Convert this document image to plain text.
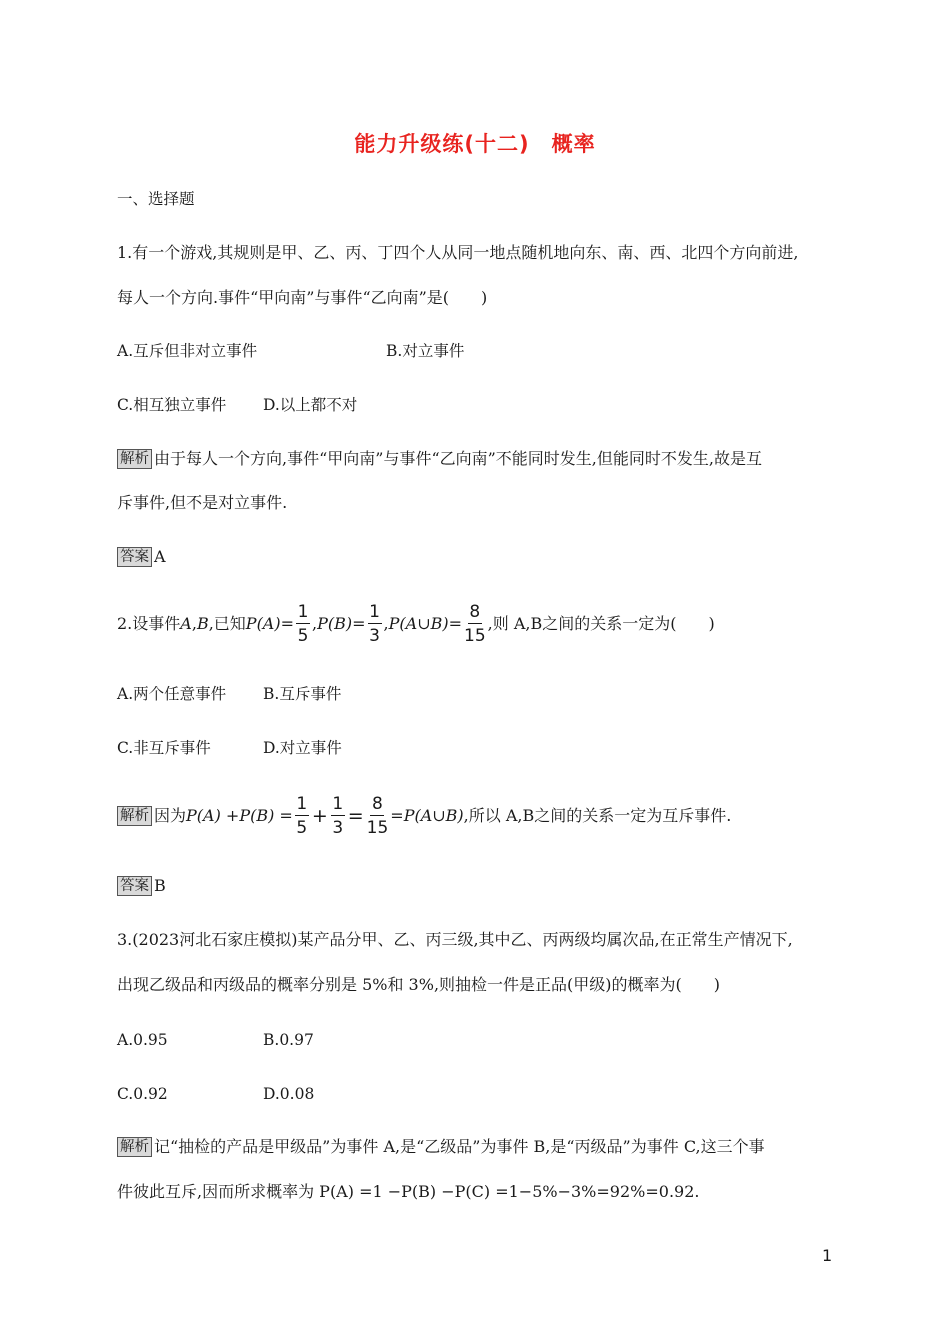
能力升级练(十二)　概率
一、选择题
1.有一个游戏,其规则是甲、乙、丙、丁四个人从同一地点随机地向东、南、西、北四个方向前进,
每人一个方向.事件“甲向南”与事件“乙向南”是(　　)
A.互斥但非对立事件	B.对立事件
C.相互独立事件 D.以上都不对
解析 由于每人一个方向,事件“甲向南”与事件“乙向南”不能同时发生,但能同时不发生,故是互
斥事件,但不是对立事件.
答案 A
2.设事件 A , B ,已知 P $(A) = \frac{1}{5}$ , P $(B) = \frac{1}{3}$ , P (A∪B) = $\frac{8}{15}$ ,则 A,B之间的关系一定为(　　)
A.两个任意事件 B.互斥事件
C.非互斥事件	D.对立事件
解析 因为 $P(A) +P(B) = \frac{1}{5} + \frac{1}{3} = \frac{8}{15}$ =P(A∪B) ,所以 A,B之间的关系一定为互斥事件.
答案 B
3.(2023河北石家庄模拟)某产品分甲、乙、丙三级,其中乙、丙两级均属次品,在正常生产情况下,
出现乙级品和丙级品的概率分别是 5%和 3%,则抽检一件是正品(甲级)的概率为(　　)
A.0.95	B.0.97
C.0.92	D.0.08
解析 记“抽检的产品是甲级品”为事件 A,是“乙级品”为事件 B,是“丙级品”为事件 C,这三个事
件彼此互斥,因而所求概率为 P(A) =1 −P(B) −P(C) =1−5%−3%=92%=0.92.
1
